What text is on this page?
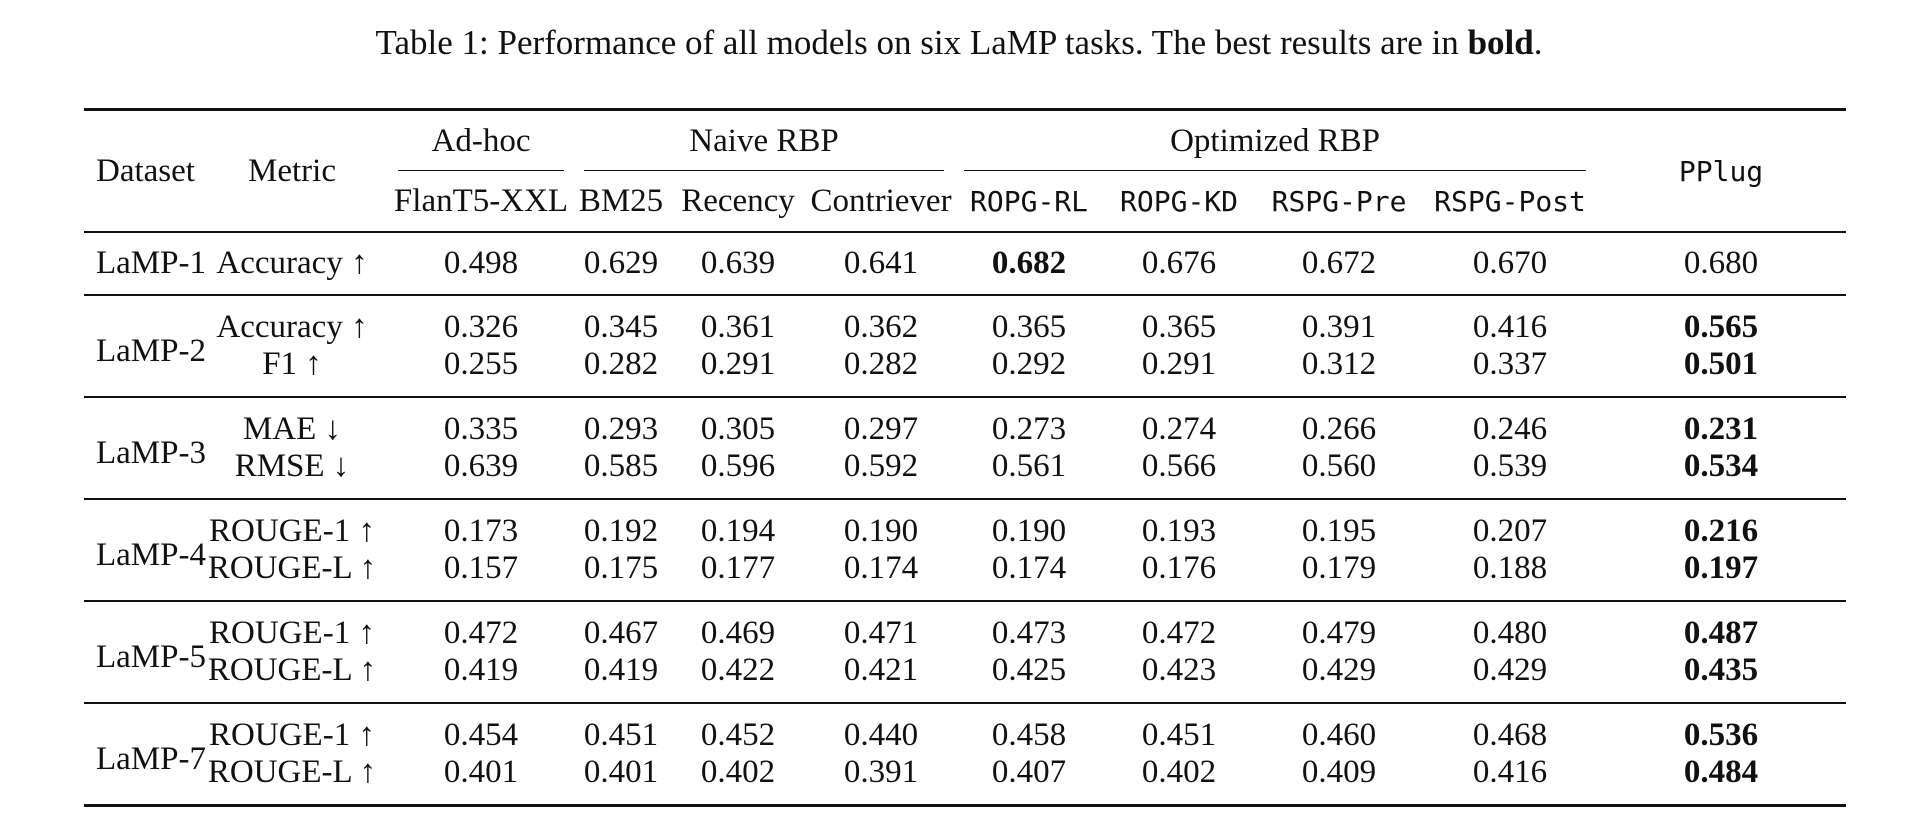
Table 1: Performance of all models on six LaMP tasks. The best results are in bold.
Dataset	Metric	Ad-hoc	Naive RBP			Optimized RBP				PPlug
		FlanT5-XXL	BM25	Recency	Contriever	ROPG-RL	ROPG-KD	RSPG-Pre	RSPG-Post	
LaMP-1	Accuracy ↑	0.498	0.629	0.639	0.641	0.682	0.676	0.672	0.670	0.680
LaMP-2	Accuracy ↑	0.326	0.345	0.361	0.362	0.365	0.365	0.391	0.416	0.565
	F1 ↑	0.255	0.282	0.291	0.282	0.292	0.291	0.312	0.337	0.501
LaMP-3	MAE ↓	0.335	0.293	0.305	0.297	0.273	0.274	0.266	0.246	0.231
	RMSE ↓	0.639	0.585	0.596	0.592	0.561	0.566	0.560	0.539	0.534
LaMP-4	ROUGE-1 ↑	0.173	0.192	0.194	0.190	0.190	0.193	0.195	0.207	0.216
	ROUGE-L ↑	0.157	0.175	0.177	0.174	0.174	0.176	0.179	0.188	0.197
LaMP-5	ROUGE-1 ↑	0.472	0.467	0.469	0.471	0.473	0.472	0.479	0.480	0.487
	ROUGE-L ↑	0.419	0.419	0.422	0.421	0.425	0.423	0.429	0.429	0.435
LaMP-7	ROUGE-1 ↑	0.454	0.451	0.452	0.440	0.458	0.451	0.460	0.468	0.536
	ROUGE-L ↑	0.401	0.401	0.402	0.391	0.407	0.402	0.409	0.416	0.484
